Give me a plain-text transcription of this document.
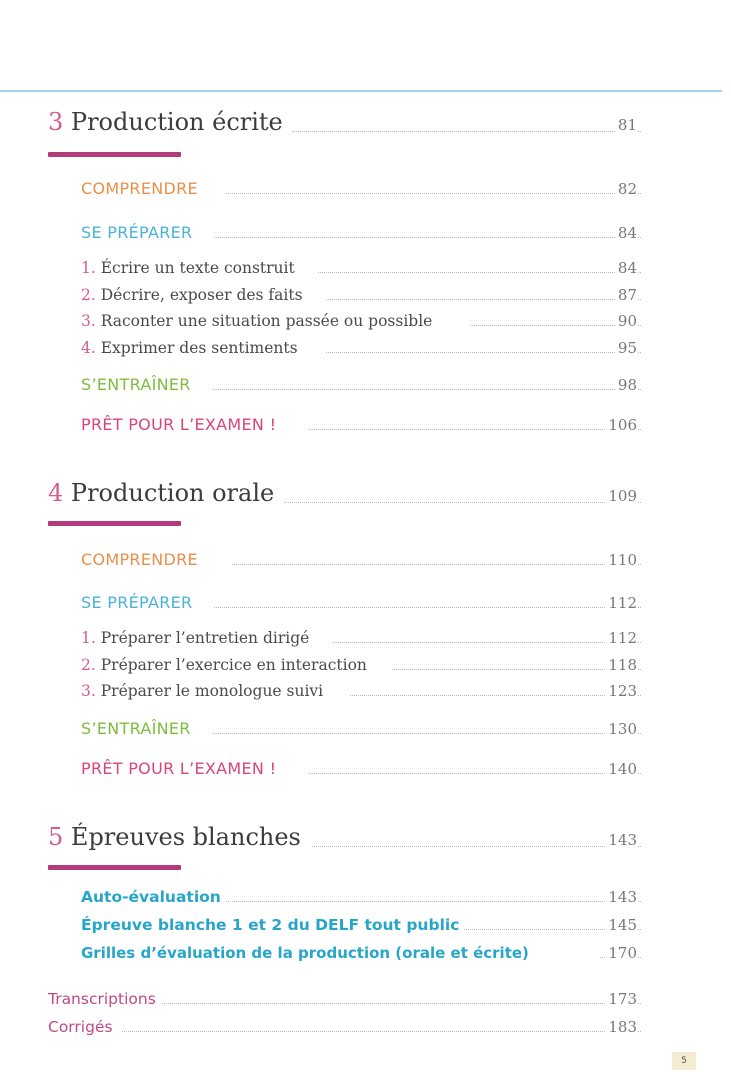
3 Production écrite	81
COMPRENDRE	82
SE PRÉPARER	84
1. Écrire un texte construit	84
2. Décrire, exposer des faits	87
3. Raconter une situation passée ou possible	90
4. Exprimer des sentiments	95
S’ENTRAÎNER	98
PRÊT POUR L’EXAMEN !	106
4 Production orale	109
COMPRENDRE	110
SE PRÉPARER	112
1. Préparer l’entretien dirigé	112
2. Préparer l’exercice en interaction	118
3. Préparer le monologue suivi	123
S’ENTRAÎNER	130
PRÊT POUR L’EXAMEN !	140
5 Épreuves blanches	143
Auto-évaluation	143
Épreuve blanche 1 et 2 du DELF tout public	145
Grilles d’évaluation de la production (orale et écrite)	170
Transcriptions	173
Corrigés	183
5
